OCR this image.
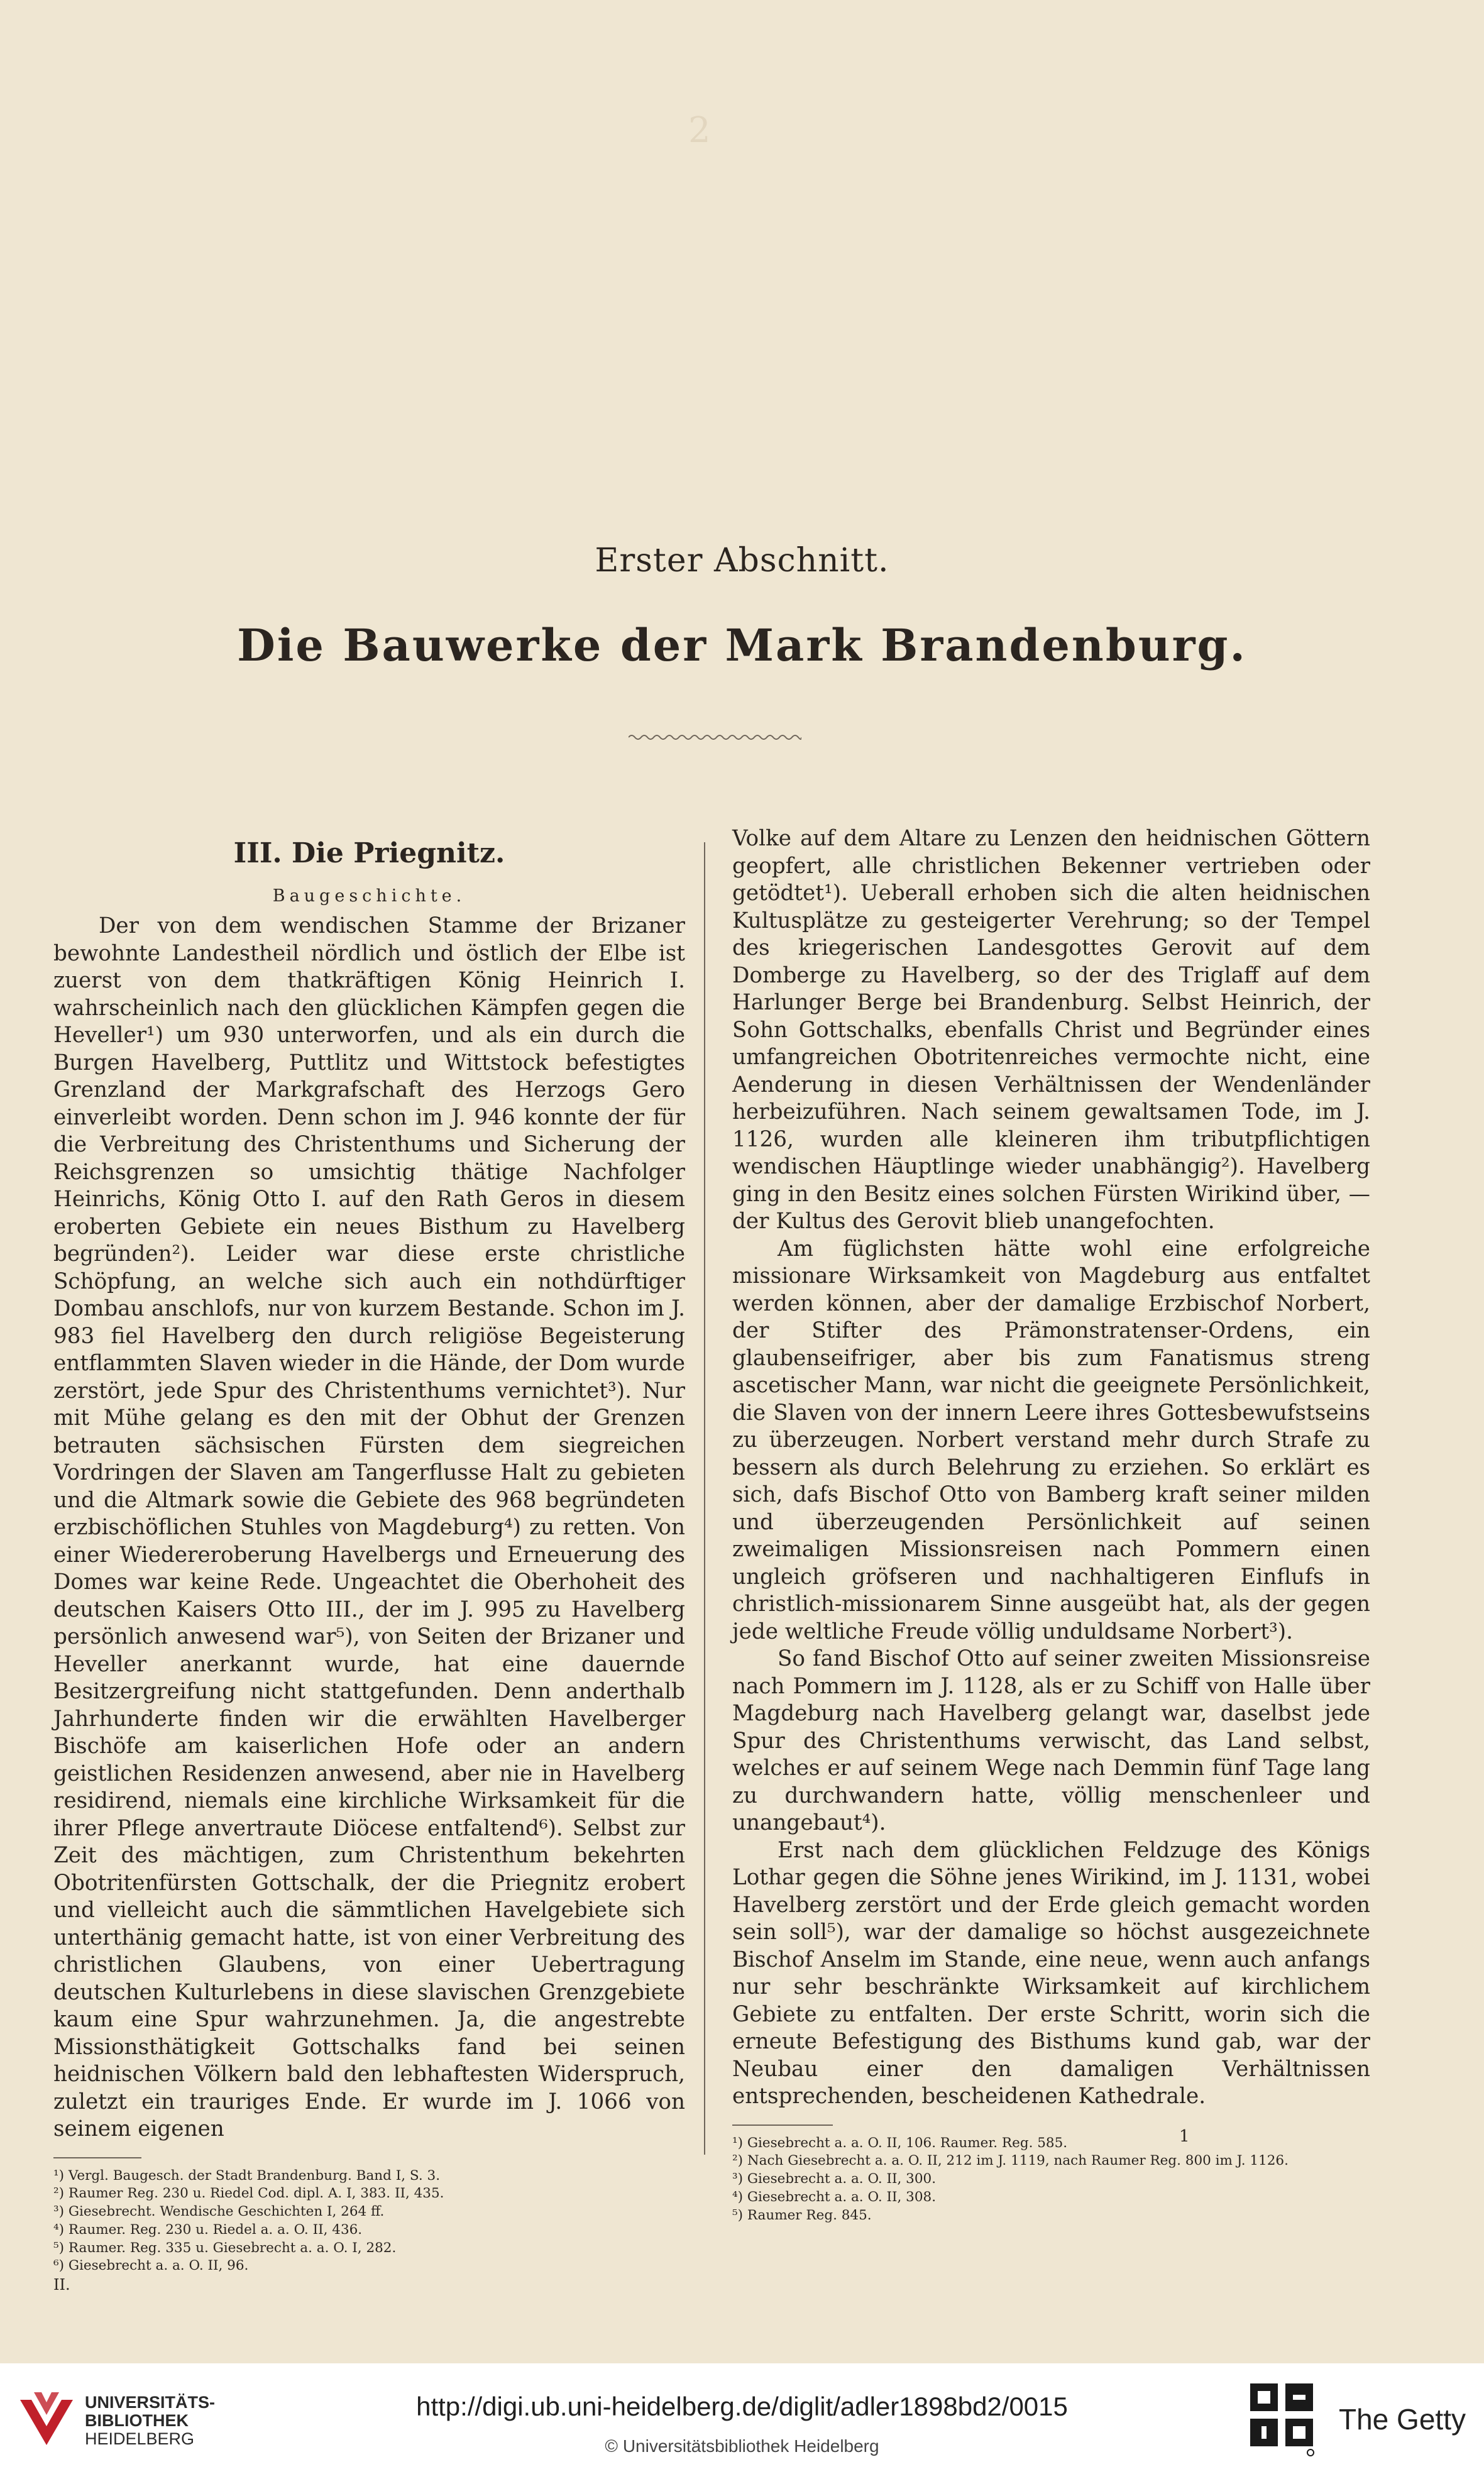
2
Erster Abschnitt.
Die Bauwerke der Mark Brandenburg.
III. Die Priegnitz.
Baugeschichte.

Der von dem wendischen Stamme der Brizaner bewohnte Landestheil nördlich und östlich der Elbe ist zuerst von dem thatkräftigen König Heinrich I. wahrscheinlich nach den glücklichen Kämpfen gegen die Heveller¹) um 930 unterworfen, und als ein durch die Burgen Havelberg, Puttlitz und Wittstock befestigtes Grenzland der Markgrafschaft des Herzogs Gero einverleibt worden. Denn schon im J. 946 konnte der für die Verbreitung des Christenthums und Sicherung der Reichsgrenzen so umsichtig thätige Nachfolger Heinrichs, König Otto I. auf den Rath Geros in diesem eroberten Gebiete ein neues Bisthum zu Havelberg begründen²). Leider war diese erste christliche Schöpfung, an welche sich auch ein nothdürftiger Dombau anschlofs, nur von kurzem Bestande. Schon im J. 983 fiel Havelberg den durch religiöse Begeisterung entflammten Slaven wieder in die Hände, der Dom wurde zerstört, jede Spur des Christenthums vernichtet³). Nur mit Mühe gelang es den mit der Obhut der Grenzen betrauten sächsischen Fürsten dem siegreichen Vordringen der Slaven am Tangerflusse Halt zu gebieten und die Altmark sowie die Gebiete des 968 begründeten erzbischöflichen Stuhles von Magdeburg⁴) zu retten. Von einer Wiedereroberung Havelbergs und Erneuerung des Domes war keine Rede. Ungeachtet die Oberhoheit des deutschen Kaisers Otto III., der im J. 995 zu Havelberg persönlich anwesend war⁵), von Seiten der Brizaner und Heveller anerkannt wurde, hat eine dauernde Besitzergreifung nicht stattgefunden. Denn anderthalb Jahrhunderte finden wir die erwählten Havelberger Bischöfe am kaiserlichen Hofe oder an andern geistlichen Residenzen anwesend, aber nie in Havelberg residirend, niemals eine kirchliche Wirksamkeit für die ihrer Pflege anvertraute Diöcese entfaltend⁶). Selbst zur Zeit des mächtigen, zum Christenthum bekehrten Obotritenfürsten Gottschalk, der die Priegnitz erobert und vielleicht auch die sämmtlichen Havelgebiete sich unterthänig gemacht hatte, ist von einer Verbreitung des christlichen Glaubens, von einer Uebertragung deutschen Kulturlebens in diese slavischen Grenzgebiete kaum eine Spur wahrzunehmen. Ja, die angestrebte Missionsthätigkeit Gottschalks fand bei seinen heidnischen Völkern bald den lebhaftesten Widerspruch, zuletzt ein trauriges Ende. Er wurde im J. 1066 von seinem eigenen

¹) Vergl. Baugesch. der Stadt Brandenburg. Band I, S. 3.

²) Raumer Reg. 230 u. Riedel Cod. dipl. A. I, 383. II, 435.

³) Giesebrecht. Wendische Geschichten I, 264 ff.

⁴) Raumer. Reg. 230 u. Riedel a. a. O. II, 436.

⁵) Raumer. Reg. 335 u. Giesebrecht a. a. O. I, 282.

⁶) Giesebrecht a. a. O. II, 96.

II.

Volke auf dem Altare zu Lenzen den heidnischen Göttern geopfert, alle christlichen Bekenner vertrieben oder getödtet¹). Ueberall erhoben sich die alten heidnischen Kultusplätze zu gesteigerter Verehrung; so der Tempel des kriegerischen Landesgottes Gerovit auf dem Domberge zu Havelberg, so der des Triglaff auf dem Harlunger Berge bei Brandenburg. Selbst Heinrich, der Sohn Gottschalks, ebenfalls Christ und Begründer eines umfangreichen Obotritenreiches vermochte nicht, eine Aenderung in diesen Verhältnissen der Wendenländer herbeizuführen. Nach seinem gewaltsamen Tode, im J. 1126, wurden alle kleineren ihm tributpflichtigen wendischen Häuptlinge wieder unabhängig²). Havelberg ging in den Besitz eines solchen Fürsten Wirikind über, — der Kultus des Gerovit blieb unangefochten.

Am füglichsten hätte wohl eine erfolgreiche missionare Wirksamkeit von Magdeburg aus entfaltet werden können, aber der damalige Erzbischof Norbert, der Stifter des Prämonstratenser-Ordens, ein glaubenseifriger, aber bis zum Fanatismus streng ascetischer Mann, war nicht die geeignete Persönlichkeit, die Slaven von der innern Leere ihres Gottesbewufstseins zu überzeugen. Norbert verstand mehr durch Strafe zu bessern als durch Belehrung zu erziehen. So erklärt es sich, dafs Bischof Otto von Bamberg kraft seiner milden und überzeugenden Persönlichkeit auf seinen zweimaligen Missionsreisen nach Pommern einen ungleich gröfseren und nachhaltigeren Einflufs in christlich-missionarem Sinne ausgeübt hat, als der gegen jede weltliche Freude völlig unduldsame Norbert³).

So fand Bischof Otto auf seiner zweiten Missionsreise nach Pommern im J. 1128, als er zu Schiff von Halle über Magdeburg nach Havelberg gelangt war, daselbst jede Spur des Christenthums verwischt, das Land selbst, welches er auf seinem Wege nach Demmin fünf Tage lang zu durchwandern hatte, völlig menschenleer und unangebaut⁴).

Erst nach dem glücklichen Feldzuge des Königs Lothar gegen die Söhne jenes Wirikind, im J. 1131, wobei Havelberg zerstört und der Erde gleich gemacht worden sein soll⁵), war der damalige so höchst ausgezeichnete Bischof Anselm im Stande, eine neue, wenn auch anfangs nur sehr beschränkte Wirksamkeit auf kirchlichem Gebiete zu entfalten. Der erste Schritt, worin sich die erneute Befestigung des Bisthums kund gab, war der Neubau einer den damaligen Verhältnissen entsprechenden, bescheidenen Kathedrale.

¹) Giesebrecht a. a. O. II, 106. Raumer. Reg. 585.

²) Nach Giesebrecht a. a. O. II, 212 im J. 1119, nach Raumer Reg. 800 im J. 1126.

³) Giesebrecht a. a. O. II, 300.

⁴) Giesebrecht a. a. O. II, 308.

⁵) Raumer Reg. 845.

1
UNIVERSITÄTS-
BIBLIOTHEK
HEIDELBERG
http://digi.ub.uni-heidelberg.de/diglit/adler1898bd2/0015
© Universitätsbibliothek Heidelberg
The Getty
